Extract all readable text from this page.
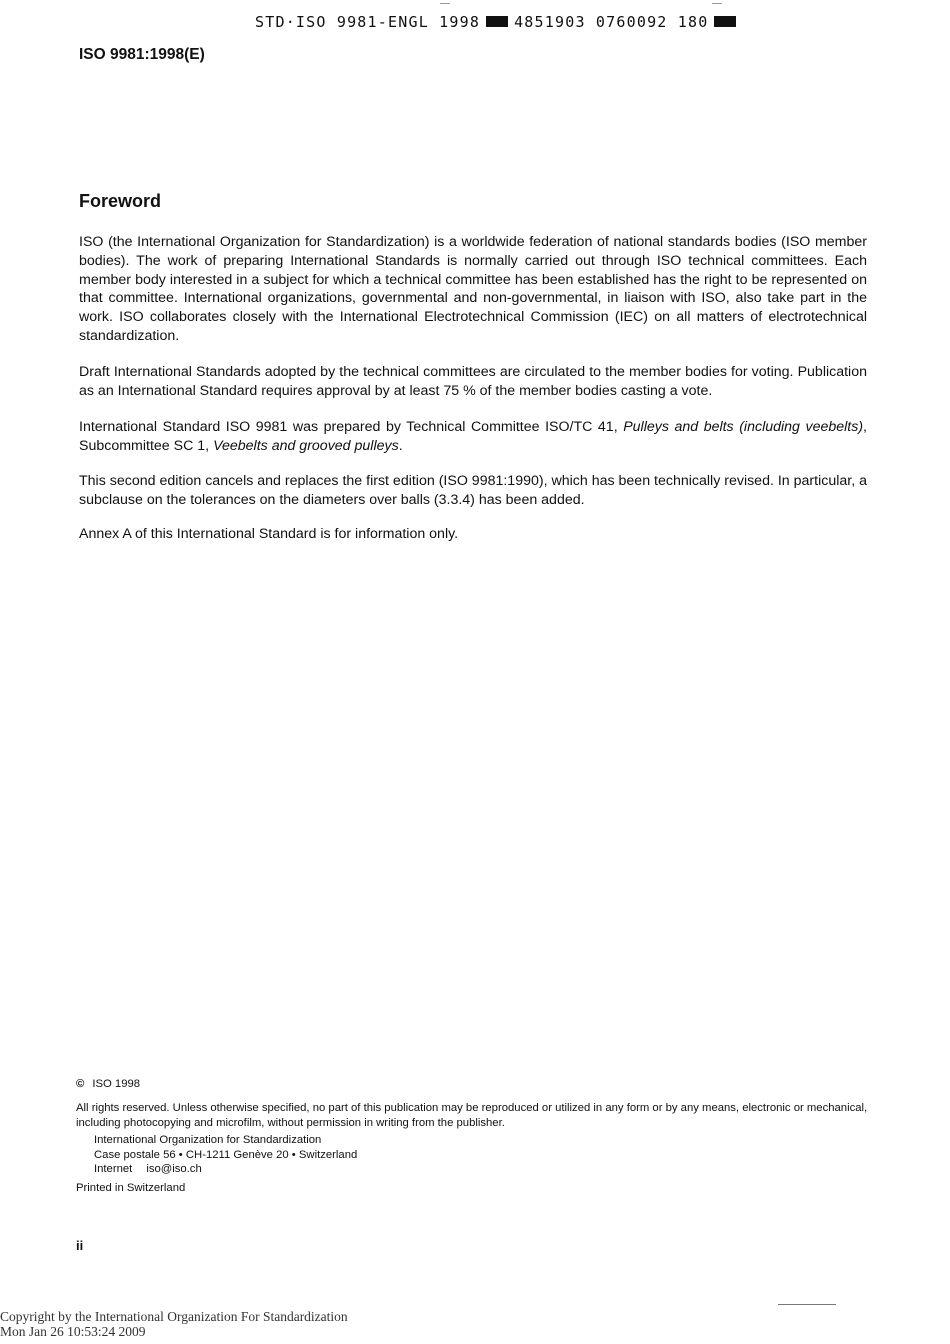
STD·ISO 9981-ENGL 1998 4851903 0760092 180
ISO 9981:1998(E)
Foreword
ISO (the International Organization for Standardization) is a worldwide federation of national standards bodies (ISO member bodies). The work of preparing International Standards is normally carried out through ISO technical committees. Each member body interested in a subject for which a technical committee has been established has the right to be represented on that committee. International organizations, governmental and non-governmental, in liaison with ISO, also take part in the work. ISO collaborates closely with the International Electrotechnical Commission (IEC) on all matters of electrotechnical standardization.
Draft International Standards adopted by the technical committees are circulated to the member bodies for voting. Publication as an International Standard requires approval by at least 75 % of the member bodies casting a vote.
International Standard ISO 9981 was prepared by Technical Committee ISO/TC 41, Pulleys and belts (including veebelts), Subcommittee SC 1, Veebelts and grooved pulleys.
This second edition cancels and replaces the first edition (ISO 9981:1990), which has been technically revised. In particular, a subclause on the tolerances on the diameters over balls (3.3.4) has been added.
Annex A of this International Standard is for information only.
© ISO 1998
All rights reserved. Unless otherwise specified, no part of this publication may be reproduced or utilized in any form or by any means, electronic or mechanical, including photocopying and microfilm, without permission in writing from the publisher.
International Organization for Standardization
Case postale 56 • CH-1211 Genève 20 • Switzerland
Internet iso@iso.ch
Printed in Switzerland
ii
Copyright by the International Organization For Standardization
Mon Jan 26 10:53:24 2009
